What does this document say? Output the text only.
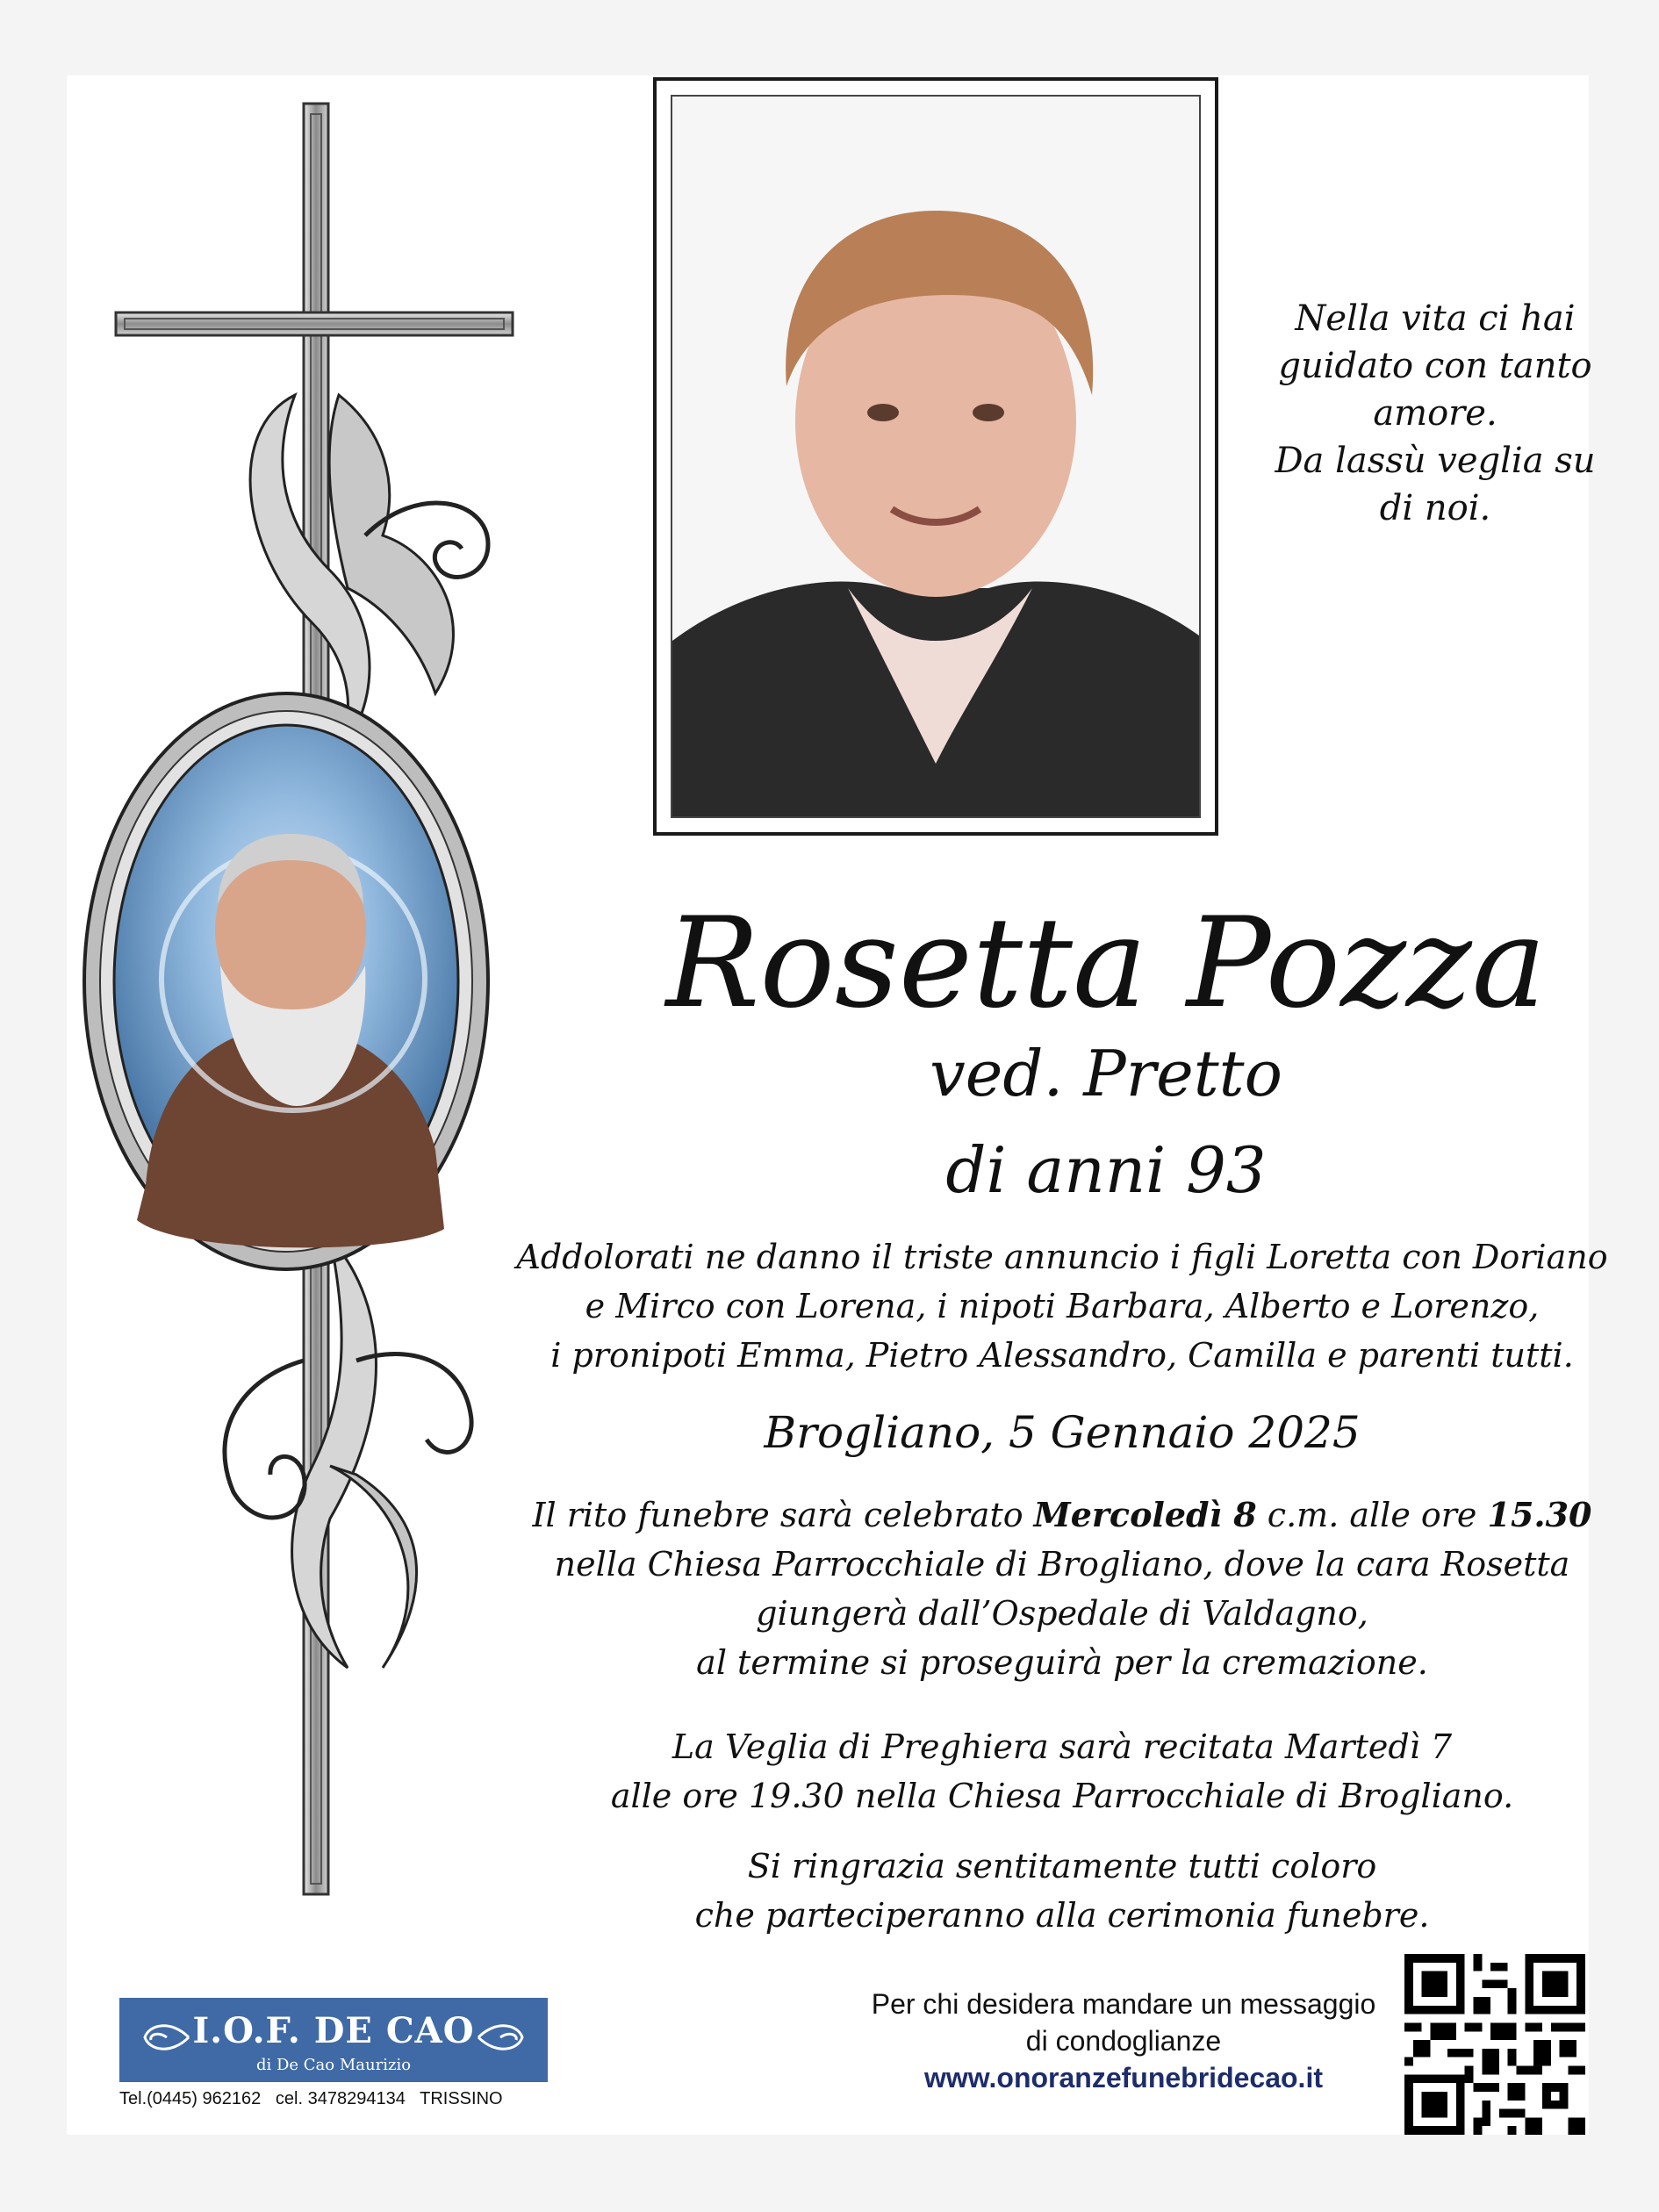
Nella vita ci hai
guidato con tanto
amore.
Da lassù veglia su
di noi.
Rosetta Pozza
ved. Pretto
di anni 93
Addolorati ne danno il triste annuncio i figli Loretta con Doriano
e Mirco con Lorena, i nipoti Barbara, Alberto e Lorenzo,
i pronipoti Emma, Pietro Alessandro, Camilla e parenti tutti.
Brogliano, 5 Gennaio 2025
Il rito funebre sarà celebrato Mercoledì 8 c.m. alle ore 15.30
nella Chiesa Parrocchiale di Brogliano, dove la cara Rosetta
giungerà dall’Ospedale di Valdagno,
al termine si proseguirà per la cremazione.
La Veglia di Preghiera sarà recitata Martedì 7
alle ore 19.30 nella Chiesa Parrocchiale di Brogliano.
Si ringrazia sentitamente tutti coloro
che parteciperanno alla cerimonia funebre.
I.O.F. DE CAO
di De Cao Maurizio
Tel.(0445) 962162   cel. 3478294134   TRISSINO
Per chi desidera mandare un messaggio
di condoglianze
www.onoranzefunebridecao.it
